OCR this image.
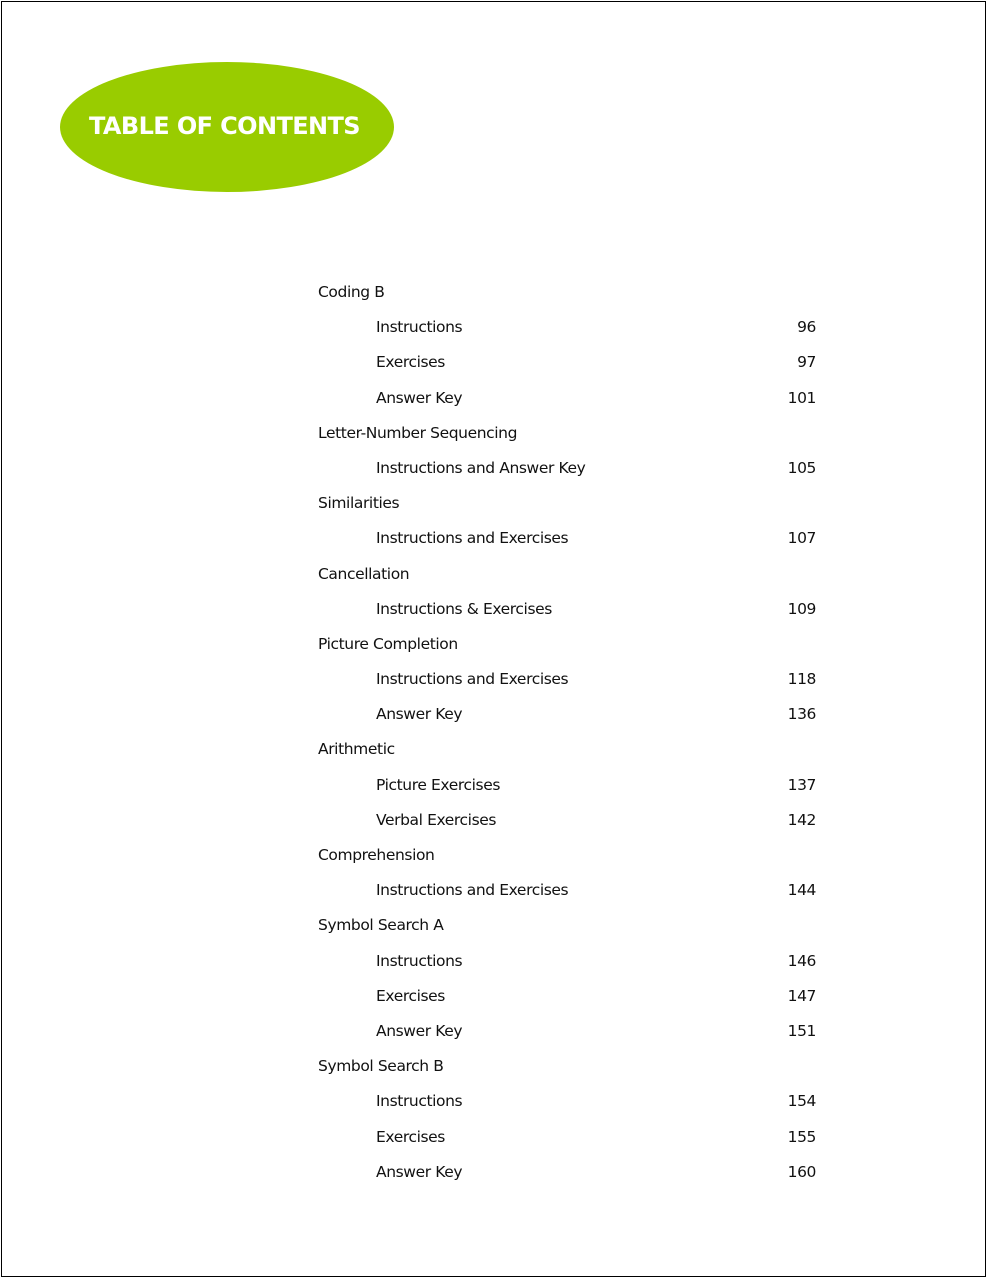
TABLE OF CONTENTS
Coding B
Instructions	96
Exercises	97
Answer Key	101
Letter-Number Sequencing
Instructions and Answer Key	105
Similarities
Instructions and Exercises	107
Cancellation
Instructions & Exercises	109
Picture Completion
Instructions and Exercises	118
Answer Key	136
Arithmetic
Picture Exercises	137
Verbal Exercises	142
Comprehension
Instructions and Exercises	144
Symbol Search A
Instructions	146
Exercises	147
Answer Key	151
Symbol Search B
Instructions	154
Exercises	155
Answer Key	160
